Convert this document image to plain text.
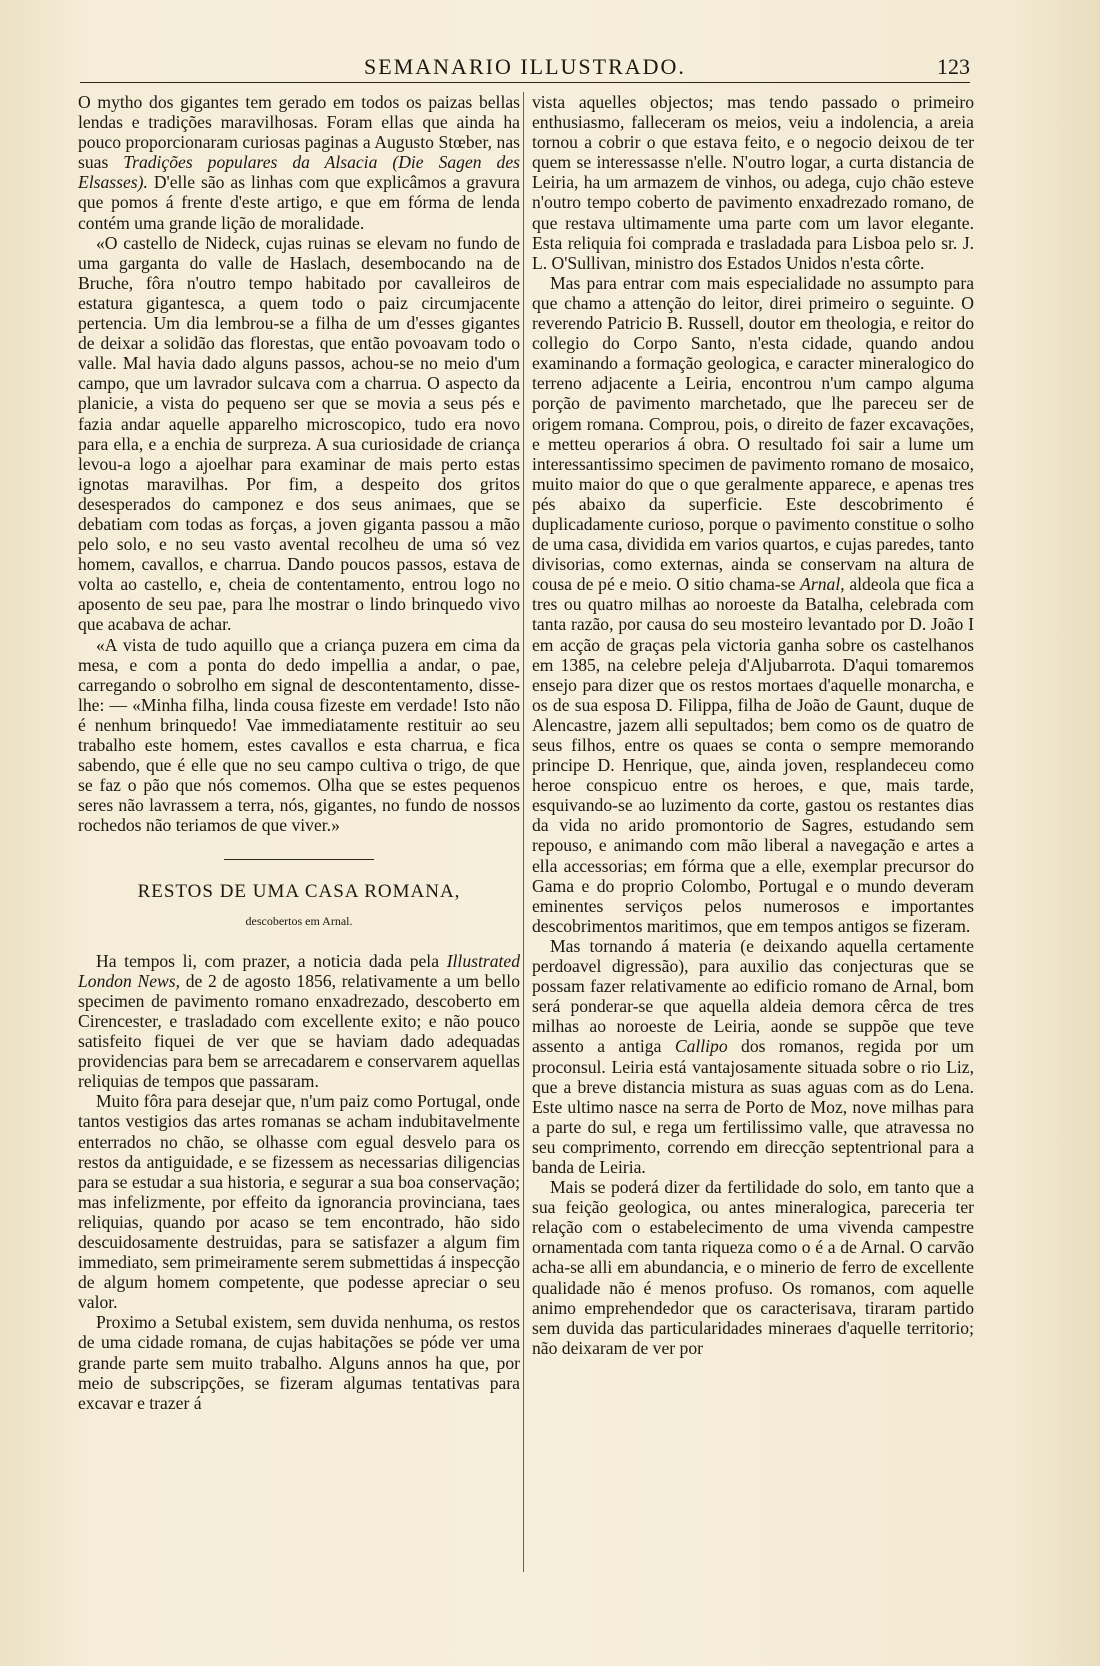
SEMANARIO ILLUSTRADO.	123

O mytho dos gigantes tem gerado em todos os paizas bellas lendas e tradições maravilhosas. Foram ellas que ainda ha pouco proporcionaram curiosas paginas a Augusto Stœber, nas suas Tradições populares da Alsacia (Die Sagen des Elsasses). D'elle são as linhas com que explicâmos a gravura que pomos á frente d'este artigo, e que em fórma de lenda contém uma grande lição de moralidade.

«O castello de Nideck, cujas ruinas se elevam no fundo de uma garganta do valle de Haslach, desembocando na de Bruche, fôra n'outro tempo habitado por cavalleiros de estatura gigantesca, a quem todo o paiz circumjacente pertencia. Um dia lembrou-se a filha de um d'esses gigantes de deixar a solidão das florestas, que então povoavam todo o valle. Mal havia dado alguns passos, achou-se no meio d'um campo, que um lavrador sulcava com a charrua. O aspecto da planicie, a vista do pequeno ser que se movia a seus pés e fazia andar aquelle apparelho microscopico, tudo era novo para ella, e a enchia de surpreza. A sua curiosidade de criança levou-a logo a ajoelhar para examinar de mais perto estas ignotas maravilhas. Por fim, a despeito dos gritos desesperados do camponez e dos seus animaes, que se debatiam com todas as forças, a joven giganta passou a mão pelo solo, e no seu vasto avental recolheu de uma só vez homem, cavallos, e charrua. Dando poucos passos, estava de volta ao castello, e, cheia de contentamento, entrou logo no aposento de seu pae, para lhe mostrar o lindo brinquedo vivo que acabava de achar.

«A vista de tudo aquillo que a criança puzera em cima da mesa, e com a ponta do dedo impellia a andar, o pae, carregando o sobrolho em signal de descontentamento, disse-lhe: — «Minha filha, linda cousa fizeste em verdade! Isto não é nenhum brinquedo! Vae immediatamente restituir ao seu trabalho este homem, estes cavallos e esta charrua, e fica sabendo, que é elle que no seu campo cultiva o trigo, de que se faz o pão que nós comemos. Olha que se estes pequenos seres não lavrassem a terra, nós, gigantes, no fundo de nossos rochedos não teriamos de que viver.»

RESTOS DE UMA CASA ROMANA,
descobertos em Arnal.

Ha tempos li, com prazer, a noticia dada pela Illustrated London News, de 2 de agosto 1856, relativamente a um bello specimen de pavimento romano enxadrezado, descoberto em Cirencester, e trasladado com excellente exito; e não pouco satisfeito fiquei de ver que se haviam dado adequadas providencias para bem se arrecadarem e conservarem aquellas reliquias de tempos que passaram.

Muito fôra para desejar que, n'um paiz como Portugal, onde tantos vestigios das artes romanas se acham indubitavelmente enterrados no chão, se olhasse com egual desvelo para os restos da antiguidade, e se fizessem as necessarias diligencias para se estudar a sua historia, e segurar a sua boa conservação; mas infelizmente, por effeito da ignorancia provinciana, taes reliquias, quando por acaso se tem encontrado, hão sido descuidosamente destruidas, para se satisfazer a algum fim immediato, sem primeiramente serem submettidas á inspecção de algum homem competente, que podesse apreciar o seu valor.

Proximo a Setubal existem, sem duvida nenhuma, os restos de uma cidade romana, de cujas habitações se póde ver uma grande parte sem muito trabalho. Alguns annos ha que, por meio de subscripções, se fizeram algumas tentativas para excavar e trazer á

vista aquelles objectos; mas tendo passado o primeiro enthusiasmo, falleceram os meios, veiu a indolencia, a areia tornou a cobrir o que estava feito, e o negocio deixou de ter quem se interessasse n'elle. N'outro logar, a curta distancia de Leiria, ha um armazem de vinhos, ou adega, cujo chão esteve n'outro tempo coberto de pavimento enxadrezado romano, de que restava ultimamente uma parte com um lavor elegante. Esta reliquia foi comprada e trasladada para Lisboa pelo sr. J. L. O'Sullivan, ministro dos Estados Unidos n'esta côrte.

Mas para entrar com mais especialidade no assumpto para que chamo a attenção do leitor, direi primeiro o seguinte. O reverendo Patricio B. Russell, doutor em theologia, e reitor do collegio do Corpo Santo, n'esta cidade, quando andou examinando a formação geologica, e caracter mineralogico do terreno adjacente a Leiria, encontrou n'um campo alguma porção de pavimento marchetado, que lhe pareceu ser de origem romana. Comprou, pois, o direito de fazer excavações, e metteu operarios á obra. O resultado foi sair a lume um interessantissimo specimen de pavimento romano de mosaico, muito maior do que o que geralmente apparece, e apenas tres pés abaixo da superficie. Este descobrimento é duplicadamente curioso, porque o pavimento constitue o solho de uma casa, dividida em varios quartos, e cujas paredes, tanto divisorias, como externas, ainda se conservam na altura de cousa de pé e meio. O sitio chama-se Arnal, aldeola que fica a tres ou quatro milhas ao noroeste da Batalha, celebrada com tanta razão, por causa do seu mosteiro levantado por D. João I em acção de graças pela victoria ganha sobre os castelhanos em 1385, na celebre peleja d'Aljubarrota. D'aqui tomaremos ensejo para dizer que os restos mortaes d'aquelle monarcha, e os de sua esposa D. Filippa, filha de João de Gaunt, duque de Alencastre, jazem alli sepultados; bem como os de quatro de seus filhos, entre os quaes se conta o sempre memorando principe D. Henrique, que, ainda joven, resplandeceu como heroe conspicuo entre os heroes, e que, mais tarde, esquivando-se ao luzimento da corte, gastou os restantes dias da vida no arido promontorio de Sagres, estudando sem repouso, e animando com mão liberal a navegação e artes a ella accessorias; em fórma que a elle, exemplar precursor do Gama e do proprio Colombo, Portugal e o mundo deveram eminentes serviços pelos numerosos e importantes descobrimentos maritimos, que em tempos antigos se fizeram.

Mas tornando á materia (e deixando aquella certamente perdoavel digressão), para auxilio das conjecturas que se possam fazer relativamente ao edificio romano de Arnal, bom será ponderar-se que aquella aldeia demora cêrca de tres milhas ao noroeste de Leiria, aonde se suppõe que teve assento a antiga Callipo dos romanos, regida por um proconsul. Leiria está vantajosamente situada sobre o rio Liz, que a breve distancia mistura as suas aguas com as do Lena. Este ultimo nasce na serra de Porto de Moz, nove milhas para a parte do sul, e rega um fertilissimo valle, que atravessa no seu comprimento, correndo em direcção septentrional para a banda de Leiria.

Mais se poderá dizer da fertilidade do solo, em tanto que a sua feição geologica, ou antes mineralogica, pareceria ter relação com o estabelecimento de uma vivenda campestre ornamentada com tanta riqueza como o é a de Arnal. O carvão acha-se alli em abundancia, e o minerio de ferro de excellente qualidade não é menos profuso. Os romanos, com aquelle animo emprehendedor que os caracterisava, tiraram partido sem duvida das particularidades mineraes d'aquelle territorio; não deixaram de ver por
